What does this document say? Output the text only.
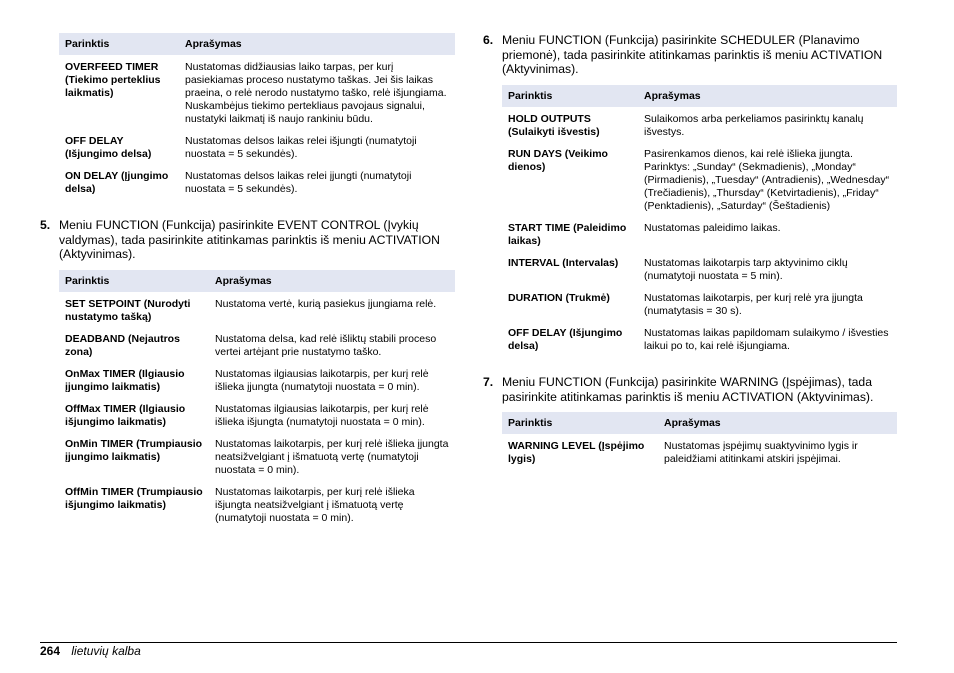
Parinktis	Aprašymas
OVERFEED TIMER (Tiekimo perteklius laikmatis)	Nustatomas didžiausias laiko tarpas, per kurį pasiekiamas proceso nustatymo taškas. Jei šis laikas praeina, o relė nerodo nustatymo taško, relė išjungiama. Nuskambėjus tiekimo pertekliaus pavojaus signalui, nustatyki laikmatį iš naujo rankiniu būdu.
OFF DELAY (Išjungimo delsa)	Nustatomas delsos laikas relei išjungti (numatytoji nuostata = 5 sekundės).
ON DELAY (Įjungimo delsa)	Nustatomas delsos laikas relei įjungti (numatytoji nuostata = 5 sekundės).
5. Meniu FUNCTION (Funkcija) pasirinkite EVENT CONTROL (Įvykių valdymas), tada pasirinkite atitinkamas parinktis iš meniu ACTIVATION (Aktyvinimas).
Parinktis	Aprašymas
SET SETPOINT (Nurodyti nustatymo tašką)	Nustatoma vertė, kurią pasiekus įjungiama relė.
DEADBAND (Nejautros zona)	Nustatoma delsa, kad relė išliktų stabili proceso vertei artėjant prie nustatymo taško.
OnMax TIMER (Ilgiausio įjungimo laikmatis)	Nustatomas ilgiausias laikotarpis, per kurį relė išlieka įjungta (numatytoji nuostata = 0 min).
OffMax TIMER (Ilgiausio išjungimo laikmatis)	Nustatomas ilgiausias laikotarpis, per kurį relė išlieka išjungta (numatytoji nuostata = 0 min).
OnMin TIMER (Trumpiausio įjungimo laikmatis)	Nustatomas laikotarpis, per kurį relė išlieka įjungta neatsižvelgiant į išmatuotą vertę (numatytoji nuostata = 0 min).
OffMin TIMER (Trumpiausio išjungimo laikmatis)	Nustatomas laikotarpis, per kurį relė išlieka išjungta neatsižvelgiant į išmatuotą vertę (numatytoji nuostata = 0 min).
6. Meniu FUNCTION (Funkcija) pasirinkite SCHEDULER (Planavimo priemonė), tada pasirinkite atitinkamas parinktis iš meniu ACTIVATION (Aktyvinimas).
Parinktis	Aprašymas
HOLD OUTPUTS (Sulaikyti išvestis)	Sulaikomos arba perkeliamos pasirinktų kanalų išvestys.
RUN DAYS (Veikimo dienos)	Pasirenkamos dienos, kai relė išlieka įjungta. Parinktys: „Sunday“ (Sekmadienis), „Monday“ (Pirmadienis), „Tuesday“ (Antradienis), „Wednesday“ (Trečiadienis), „Thursday“ (Ketvirtadienis), „Friday“ (Penktadienis), „Saturday“ (Šeštadienis)
START TIME (Paleidimo laikas)	Nustatomas paleidimo laikas.
INTERVAL (Intervalas)	Nustatomas laikotarpis tarp aktyvinimo ciklų (numatytoji nuostata = 5 min).
DURATION (Trukmė)	Nustatomas laikotarpis, per kurį relė yra įjungta (numatytasis = 30 s).
OFF DELAY (Išjungimo delsa)	Nustatomas laikas papildomam sulaikymo / išvesties laikui po to, kai relė išjungiama.
7. Meniu FUNCTION (Funkcija) pasirinkite WARNING (Įspėjimas), tada pasirinkite atitinkamas parinktis iš meniu ACTIVATION (Aktyvinimas).
Parinktis	Aprašymas
WARNING LEVEL (Įspėjimo lygis)	Nustatomas įspėjimų suaktyvinimo lygis ir paleidžiami atitinkami atskiri įspėjimai.
264 lietuvių kalba
